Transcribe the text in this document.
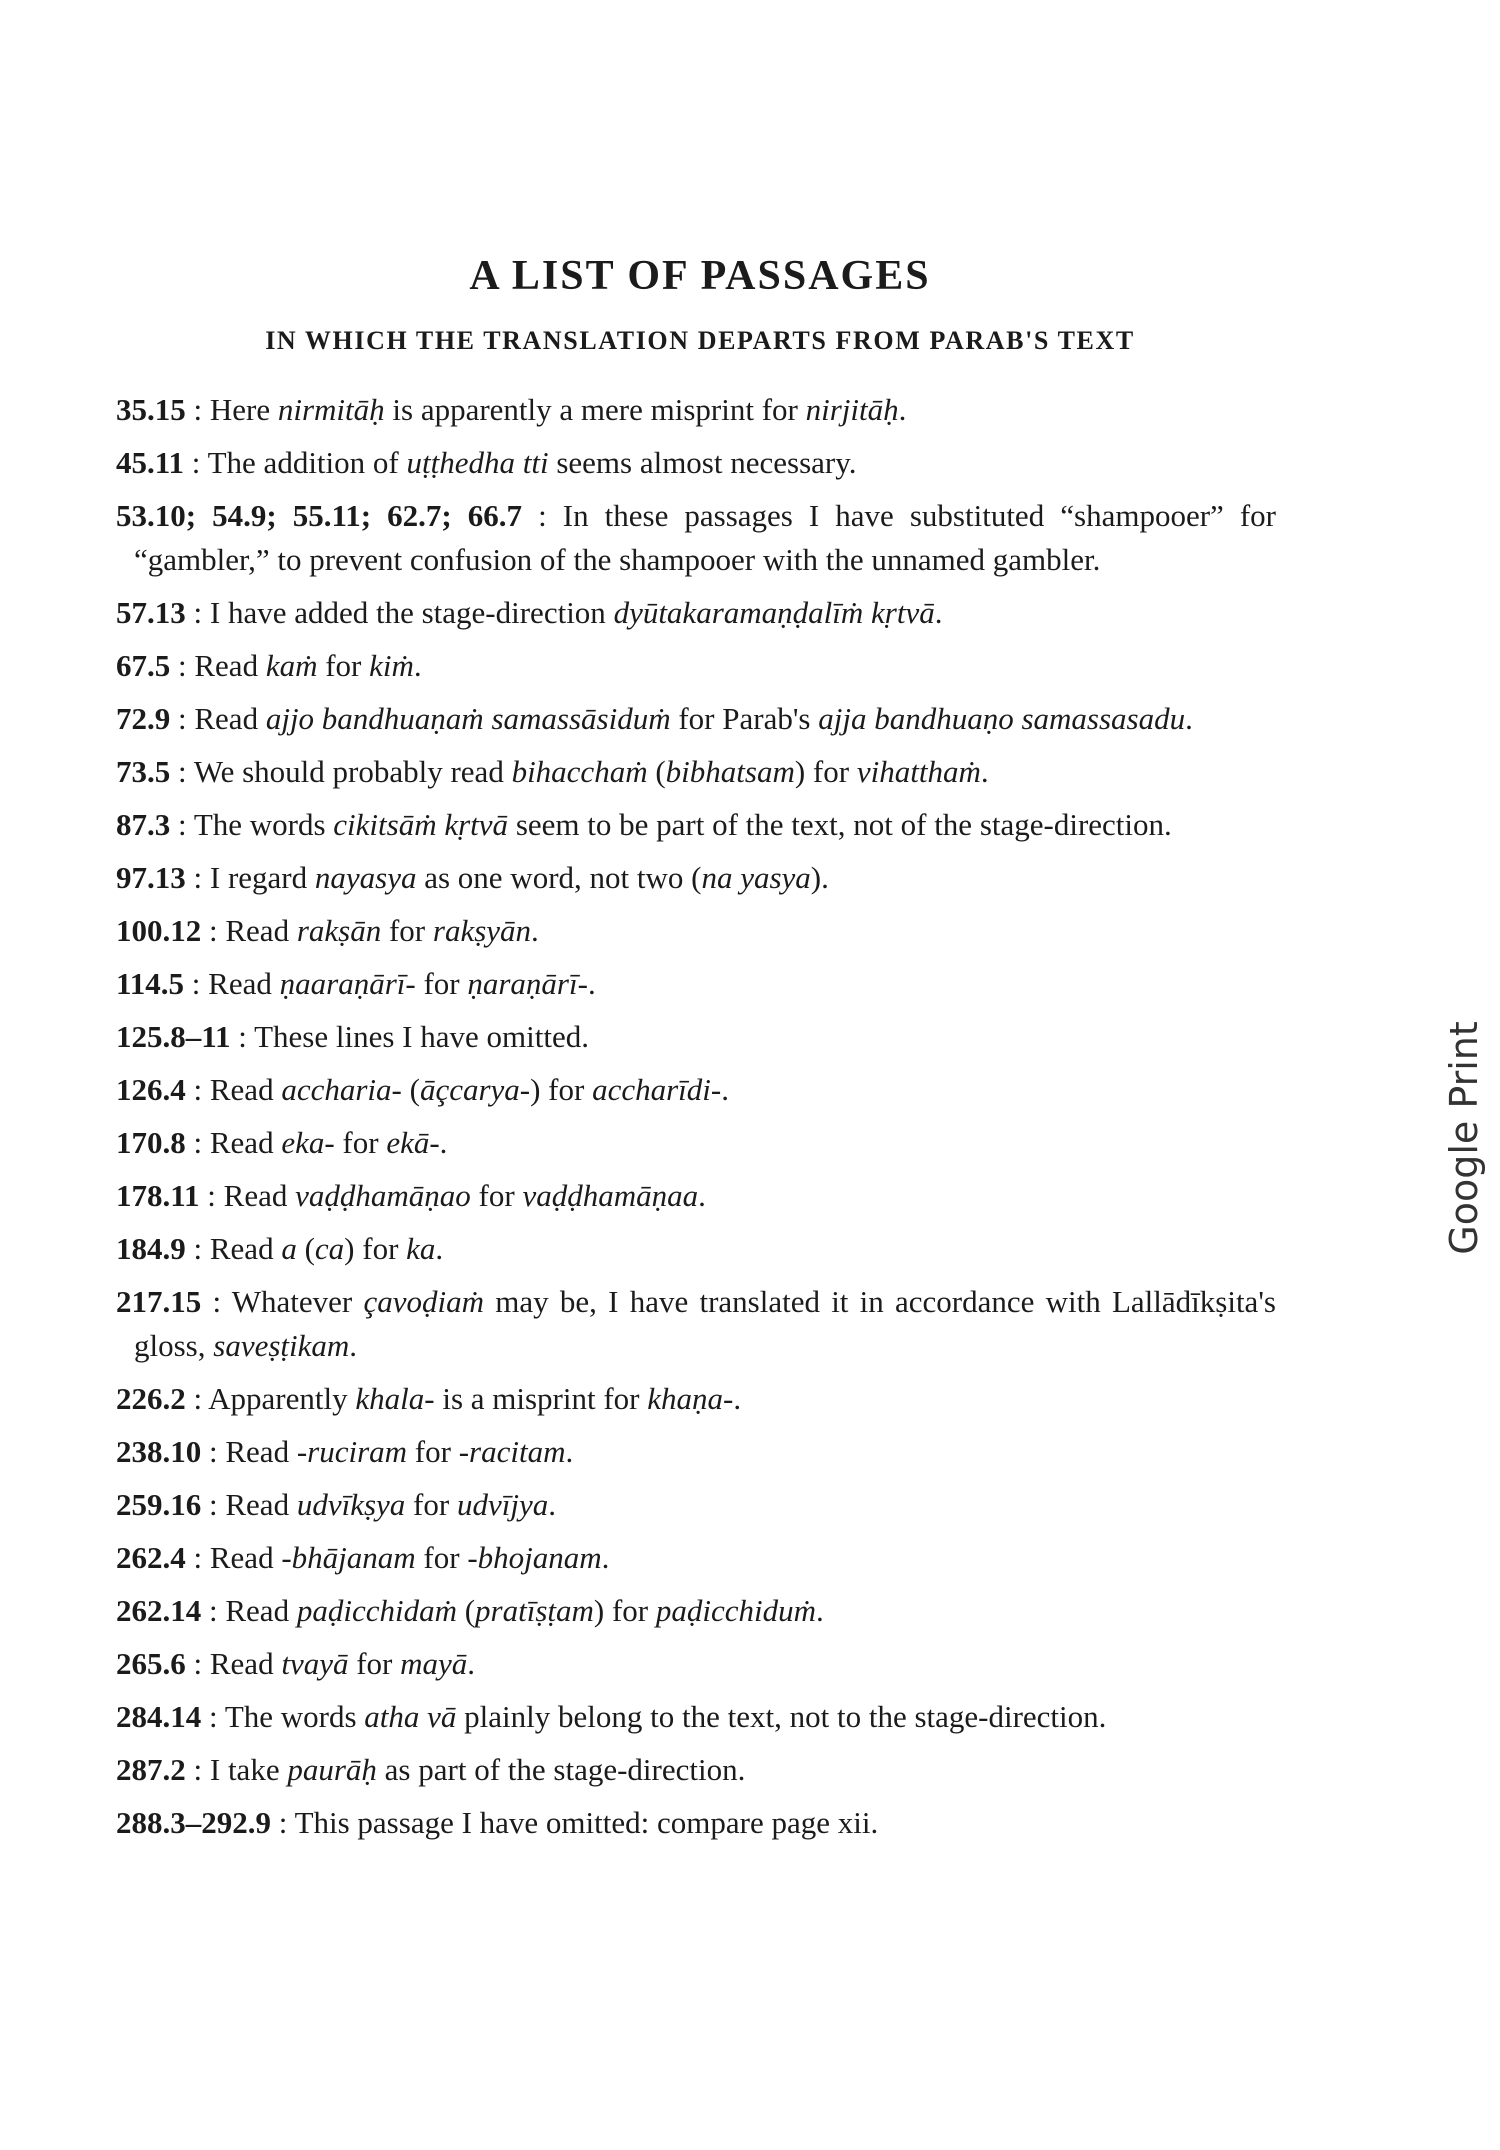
A LIST OF PASSAGES
IN WHICH THE TRANSLATION DEPARTS FROM PARAB'S TEXT

35.15 : Here nirmitāḥ is apparently a mere misprint for nirjitāḥ.

45.11 : The addition of uṭṭhedha tti seems almost necessary.

53.10; 54.9; 55.11; 62.7; 66.7 : In these passages I have substituted “shampooer” for “gambler,” to prevent confusion of the shampooer with the unnamed gambler.

57.13 : I have added the stage-direction dyūtakaramaṇḍalīṁ kṛtvā.

67.5 : Read kaṁ for kiṁ.

72.9 : Read ajjo bandhuaṇaṁ samassāsiduṁ for Parab's ajja bandhuaṇo samassasadu.

73.5 : We should probably read bihacchaṁ (bibhatsam) for vihatthaṁ.

87.3 : The words cikitsāṁ kṛtvā seem to be part of the text, not of the stage-direction.

97.13 : I regard nayasya as one word, not two (na yasya).

100.12 : Read rakṣān for rakṣyān.

114.5 : Read ṇaaraṇārī- for ṇaraṇārī-.

125.8–11 : These lines I have omitted.

126.4 : Read accharia- (āçcarya-) for accharīdi-.

170.8 : Read eka- for ekā-.

178.11 : Read vaḍḍhamāṇao for vaḍḍhamāṇaa.

184.9 : Read a (ca) for ka.

217.15 : Whatever çavoḍiaṁ may be, I have translated it in accordance with Lallādīkṣita's gloss, saveṣṭikam.

226.2 : Apparently khala- is a misprint for khaṇa-.

238.10 : Read -ruciram for -racitam.

259.16 : Read udvīkṣya for udvījya.

262.4 : Read -bhājanam for -bhojanam.

262.14 : Read paḍicchidaṁ (pratīṣṭam) for paḍicchiduṁ.

265.6 : Read tvayā for mayā.

284.14 : The words atha vā plainly belong to the text, not to the stage-direction.

287.2 : I take paurāḥ as part of the stage-direction.

288.3–292.9 : This passage I have omitted: compare page xii.

Google Print
